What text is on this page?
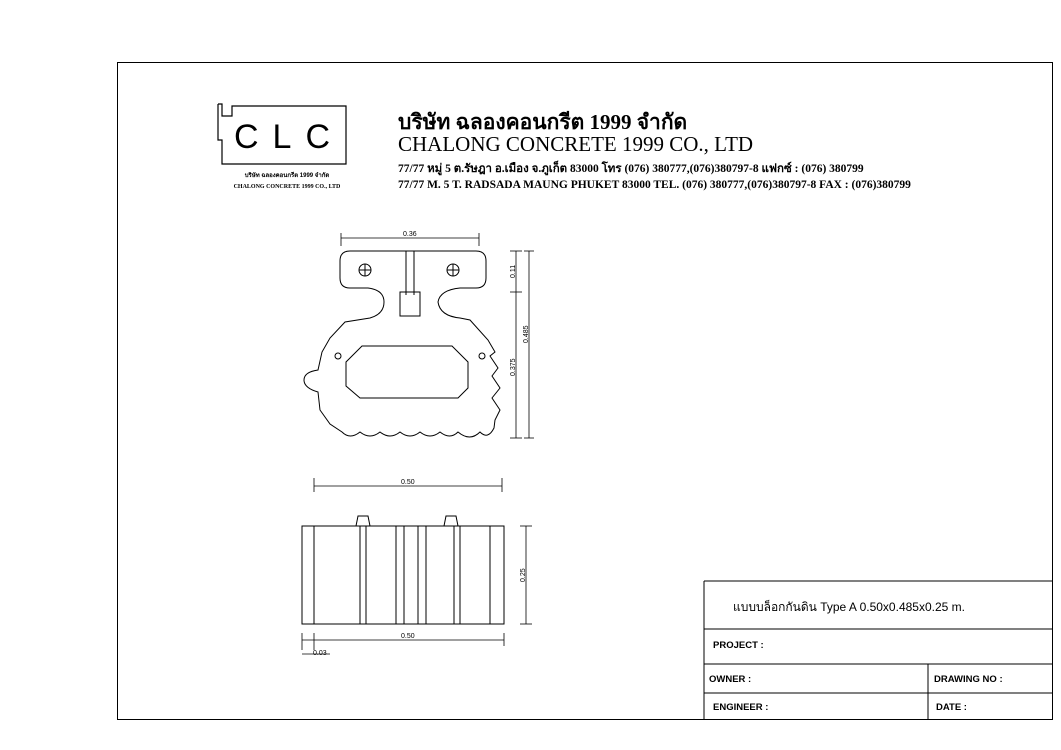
0.36
0.11
0.375
0.485
0.50
0.25
0.50
0.03
CLC
บริษัท ฉลองคอนกรีต 1999 จำกัด
CHALONG CONCRETE 1999 CO., LTD
บริษัท ฉลองคอนกรีต 1999 จำกัด
CHALONG CONCRETE 1999 CO., LTD
77/77 หมู่ 5 ต.รัษฎา อ.เมือง จ.ภูเก็ต 83000 โทร (076) 380777,(076)380797-8 แฟกซ์ : (076) 380799
77/77 M. 5 T. RADSADA MAUNG PHUKET 83000 TEL. (076) 380777,(076)380797-8 FAX : (076)380799
แบบบล็อกกันดิน Type A 0.50x0.485x0.25 m.
PROJECT :
OWNER :	DRAWING NO :
ENGINEER :	DATE :
